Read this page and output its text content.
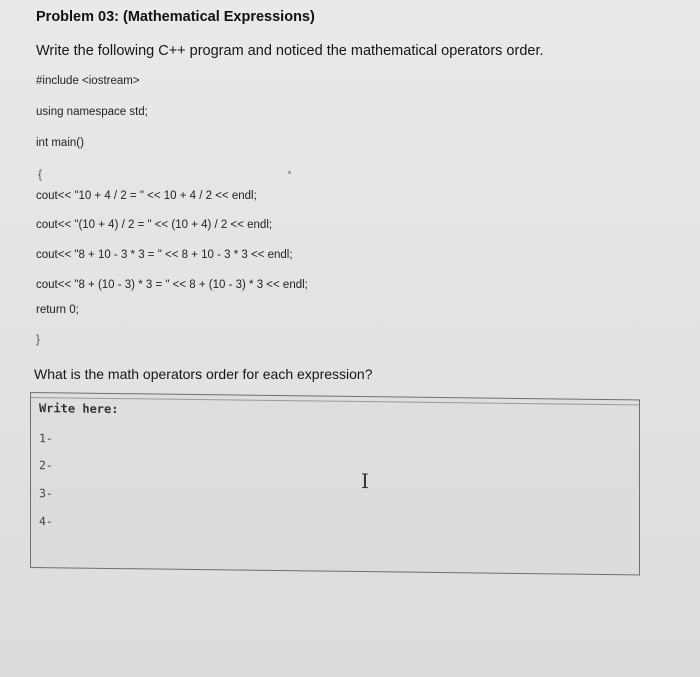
Problem 03: (Mathematical Expressions)
Write the following C++ program and noticed the mathematical operators order.
#include <iostream>
using namespace std;
int main()
{
cout<< "10 + 4 / 2 = " << 10 + 4 / 2 << endl;
cout<< "(10 + 4) / 2 = " << (10 + 4) / 2 << endl;
cout<< "8 + 10 - 3 * 3 = " << 8 + 10 - 3 * 3 << endl;
cout<< "8 + (10 - 3) * 3 = " << 8 + (10 - 3) * 3 << endl;
return 0;
}
What is the math operators order for each expression?
Write here:
1-
2-
3-
4-
I
